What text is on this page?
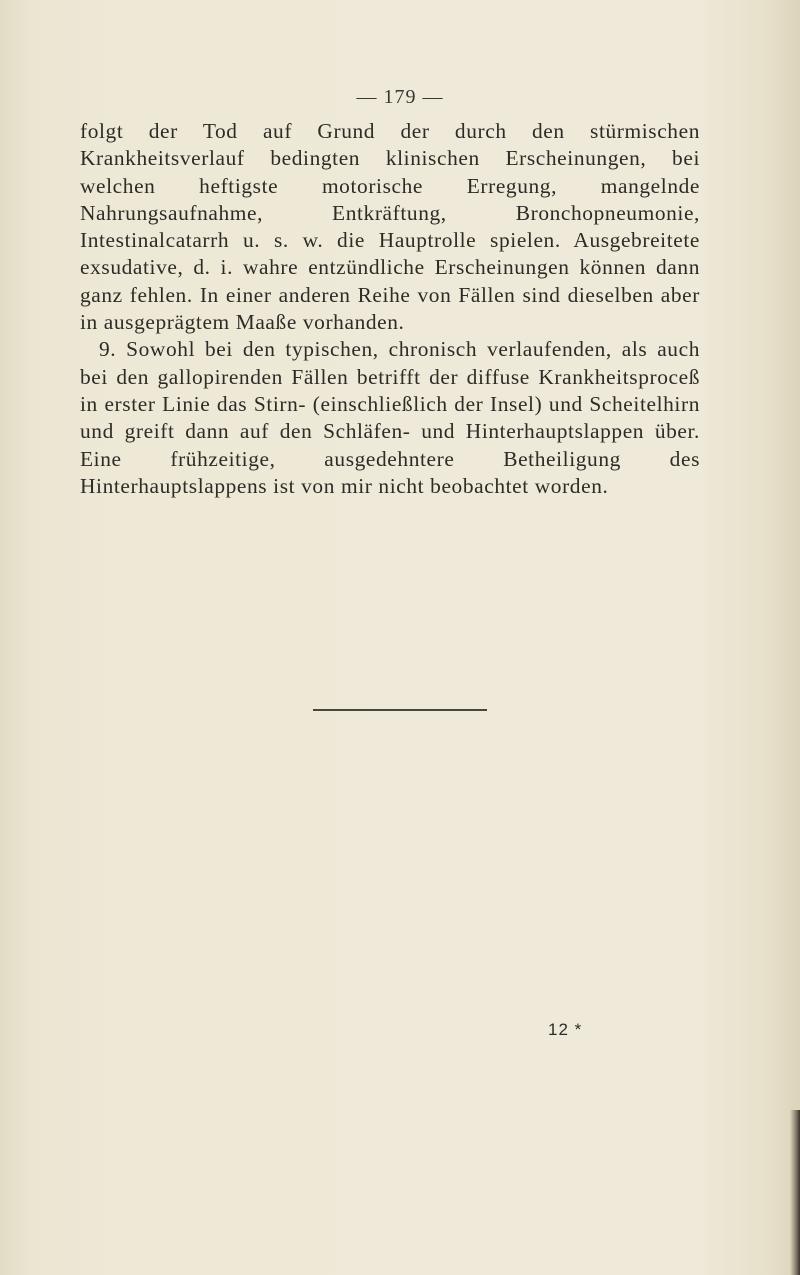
— 179 —

folgt der Tod auf Grund der durch den stürmischen Krankheitsverlauf bedingten klinischen Erscheinungen, bei welchen heftigste motorische Erregung, mangelnde Nahrungsaufnahme, Entkräftung, Bronchopneumonie, Intestinalcatarrh u. s. w. die Hauptrolle spielen. Ausgebreitete exsudative, d. i. wahre entzündliche Erscheinungen können dann ganz fehlen. In einer anderen Reihe von Fällen sind dieselben aber in ausgeprägtem Maaße vorhanden.

9. Sowohl bei den typischen, chronisch verlaufenden, als auch bei den gallopirenden Fällen betrifft der diffuse Krankheitsproceß in erster Linie das Stirn- (einschließlich der Insel) und Scheitelhirn und greift dann auf den Schläfen- und Hinterhauptslappen über. Eine frühzeitige, ausgedehntere Betheiligung des Hinterhauptslappens ist von mir nicht beobachtet worden.

12 *
